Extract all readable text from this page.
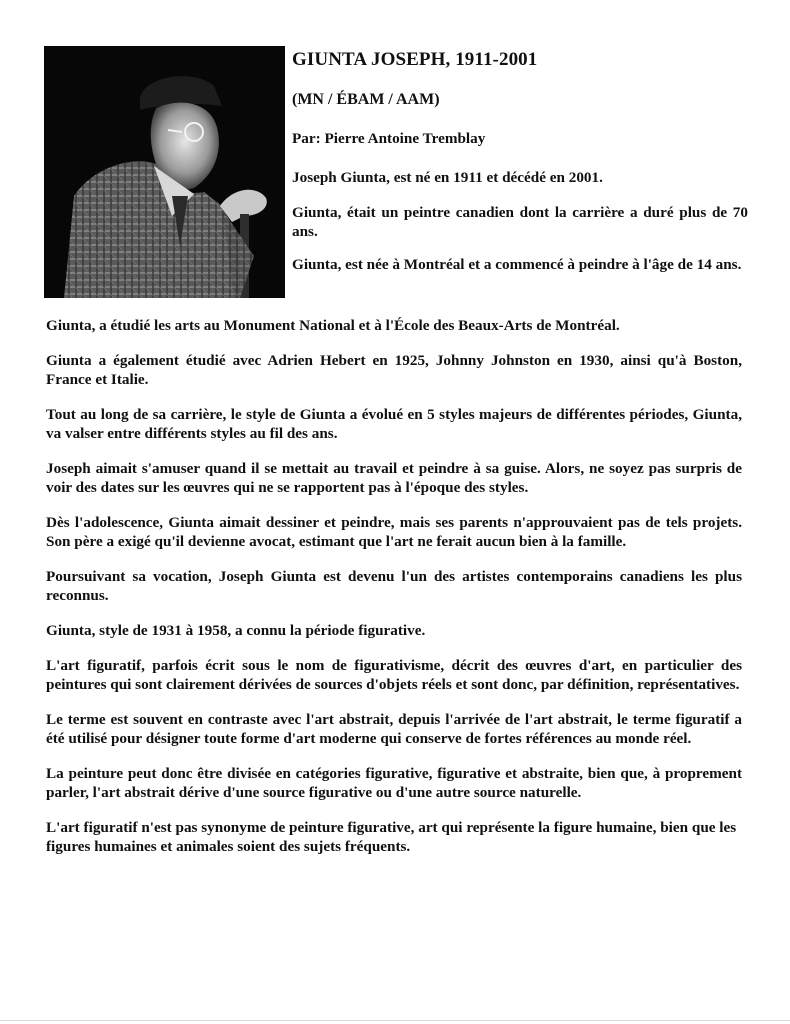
GIUNTA JOSEPH, 1911-2001

(MN / ÉBAM / AAM)

Par: Pierre Antoine Tremblay

Joseph Giunta, est né en 1911 et décédé en 2001.

Giunta, était un peintre canadien dont la carrière a duré plus de 70 ans.

Giunta, est née à Montréal et a commencé à peindre à l'âge de 14 ans.

Giunta, a étudié les arts au Monument National et à l'École des Beaux-Arts de Montréal.

Giunta a également étudié avec Adrien Hebert en 1925, Johnny Johnston en 1930, ainsi qu'à Boston, France et Italie.

Tout au long de sa carrière, le style de Giunta a évolué en 5 styles majeurs de différentes périodes, Giunta, va valser entre différents styles au fil des ans.

Joseph aimait s'amuser quand il se mettait au travail et peindre à sa guise. Alors, ne soyez pas surpris de voir des dates sur les œuvres qui ne se rapportent pas à l'époque des styles.

Dès l'adolescence, Giunta aimait dessiner et peindre, mais ses parents n'approuvaient pas de tels projets. Son père a exigé qu'il devienne avocat, estimant que l'art ne ferait aucun bien à la famille.

Poursuivant sa vocation, Joseph Giunta est devenu l'un des artistes contemporains canadiens les plus reconnus.

Giunta, style de 1931 à 1958, a connu la période figurative.

L'art figuratif, parfois écrit sous le nom de figurativisme, décrit des œuvres d'art, en particulier des peintures qui sont clairement dérivées de sources d'objets réels et sont donc, par définition, représentatives.

Le terme est souvent en contraste avec l'art abstrait, depuis l'arrivée de l'art abstrait, le terme figuratif a été utilisé pour désigner toute forme d'art moderne qui conserve de fortes références au monde réel.

La peinture peut donc être divisée en catégories figurative, figurative et abstraite, bien que, à proprement parler, l'art abstrait dérive d'une source figurative ou d'une autre source naturelle.

L'art figuratif n'est pas synonyme de peinture figurative, art qui représente la figure humaine, bien que les figures humaines et animales soient des sujets fréquents.
